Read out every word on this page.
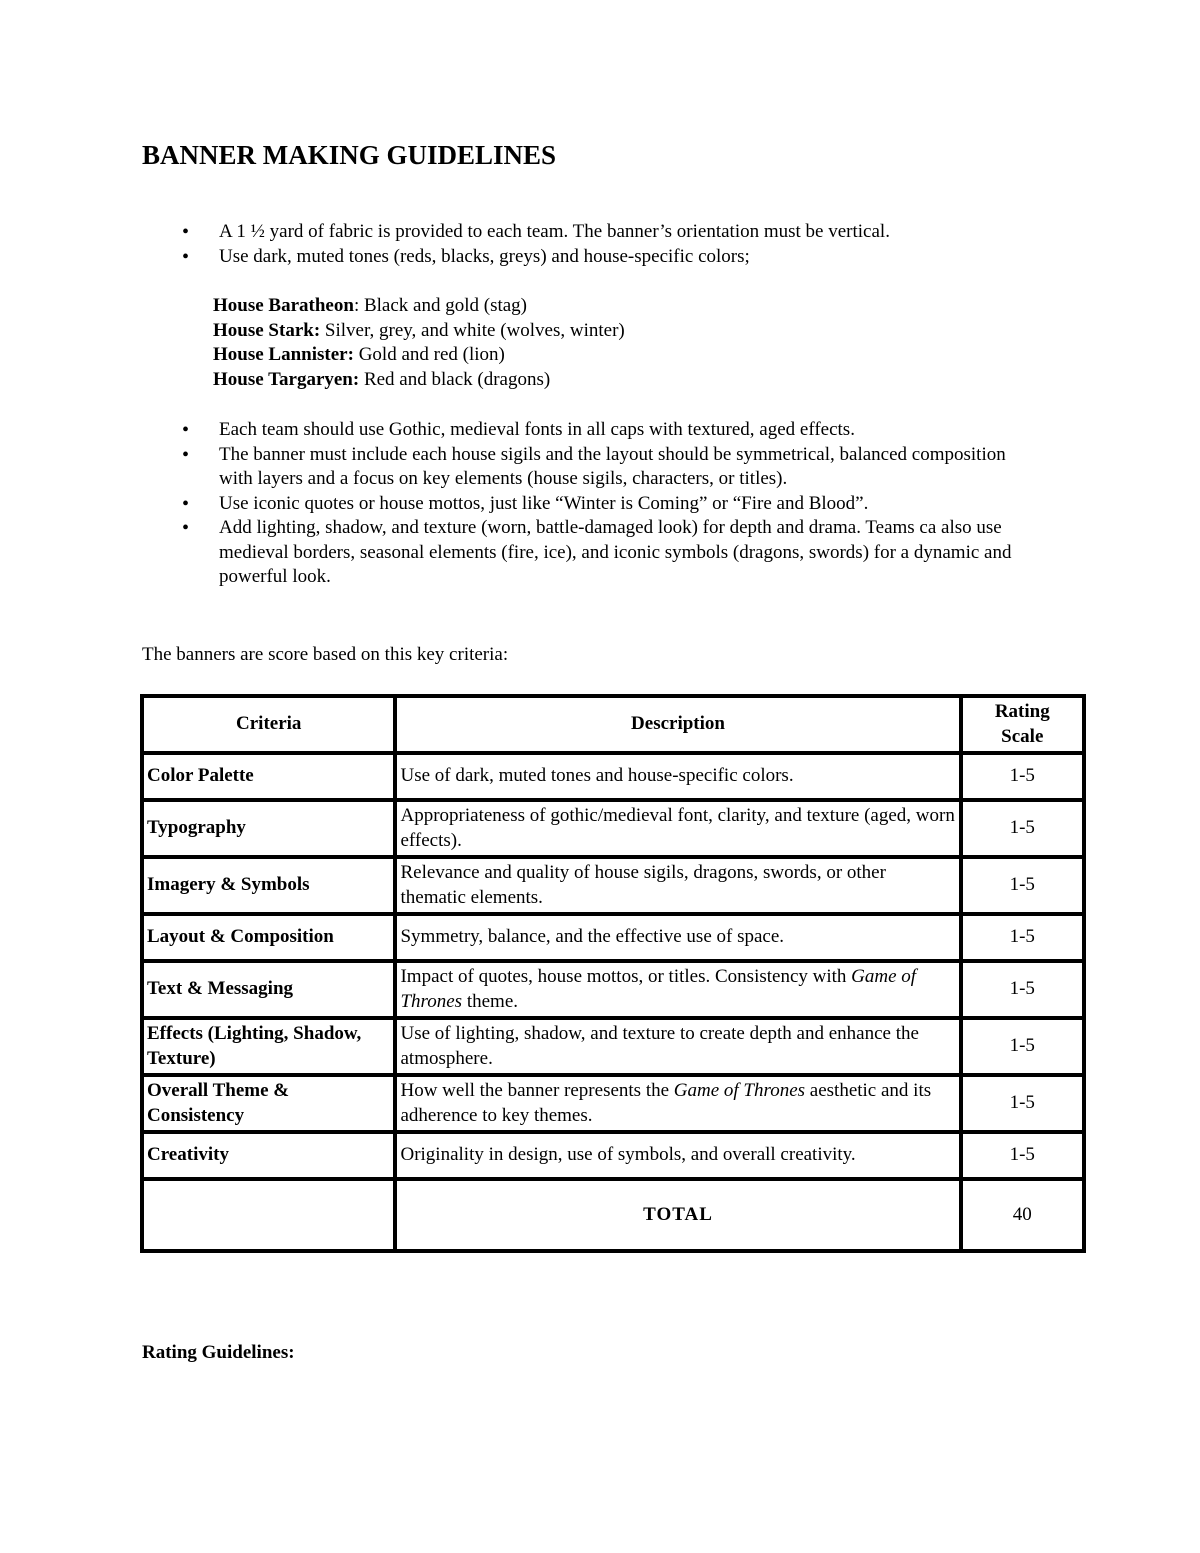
BANNER MAKING GUIDELINES
• A 1 ½ yard of fabric is provided to each team. The banner’s orientation must be vertical.
• Use dark, muted tones (reds, blacks, greys) and house-specific colors;
House Baratheon: Black and gold (stag)
House Stark: Silver, grey, and white (wolves, winter)
House Lannister: Gold and red (lion)
House Targaryen: Red and black (dragons)
• Each team should use Gothic, medieval fonts in all caps with textured, aged effects.
• The banner must include each house sigils and the layout should be symmetrical, balanced composition with layers and a focus on key elements (house sigils, characters, or titles).
• Use iconic quotes or house mottos, just like “Winter is Coming” or “Fire and Blood”.
• Add lighting, shadow, and texture (worn, battle-damaged look) for depth and drama. Teams ca also use medieval borders, seasonal elements (fire, ice), and iconic symbols (dragons, swords) for a dynamic and powerful look.

The banners are score based on this key criteria:

Criteria	Description	Rating Scale
Color Palette	Use of dark, muted tones and house-specific colors.	1-5
Typography	Appropriateness of gothic/medieval font, clarity, and texture (aged, worn effects).	1-5
Imagery & Symbols	Relevance and quality of house sigils, dragons, swords, or other thematic elements.	1-5
Layout & Composition	Symmetry, balance, and the effective use of space.	1-5
Text & Messaging	Impact of quotes, house mottos, or titles. Consistency with Game of Thrones theme.	1-5
Effects (Lighting, Shadow, Texture)	Use of lighting, shadow, and texture to create depth and enhance the atmosphere.	1-5
Overall Theme & Consistency	How well the banner represents the Game of Thrones aesthetic and its adherence to key themes.	1-5
Creativity	Originality in design, use of symbols, and overall creativity.	1-5
	TOTAL	40

Rating Guidelines:
